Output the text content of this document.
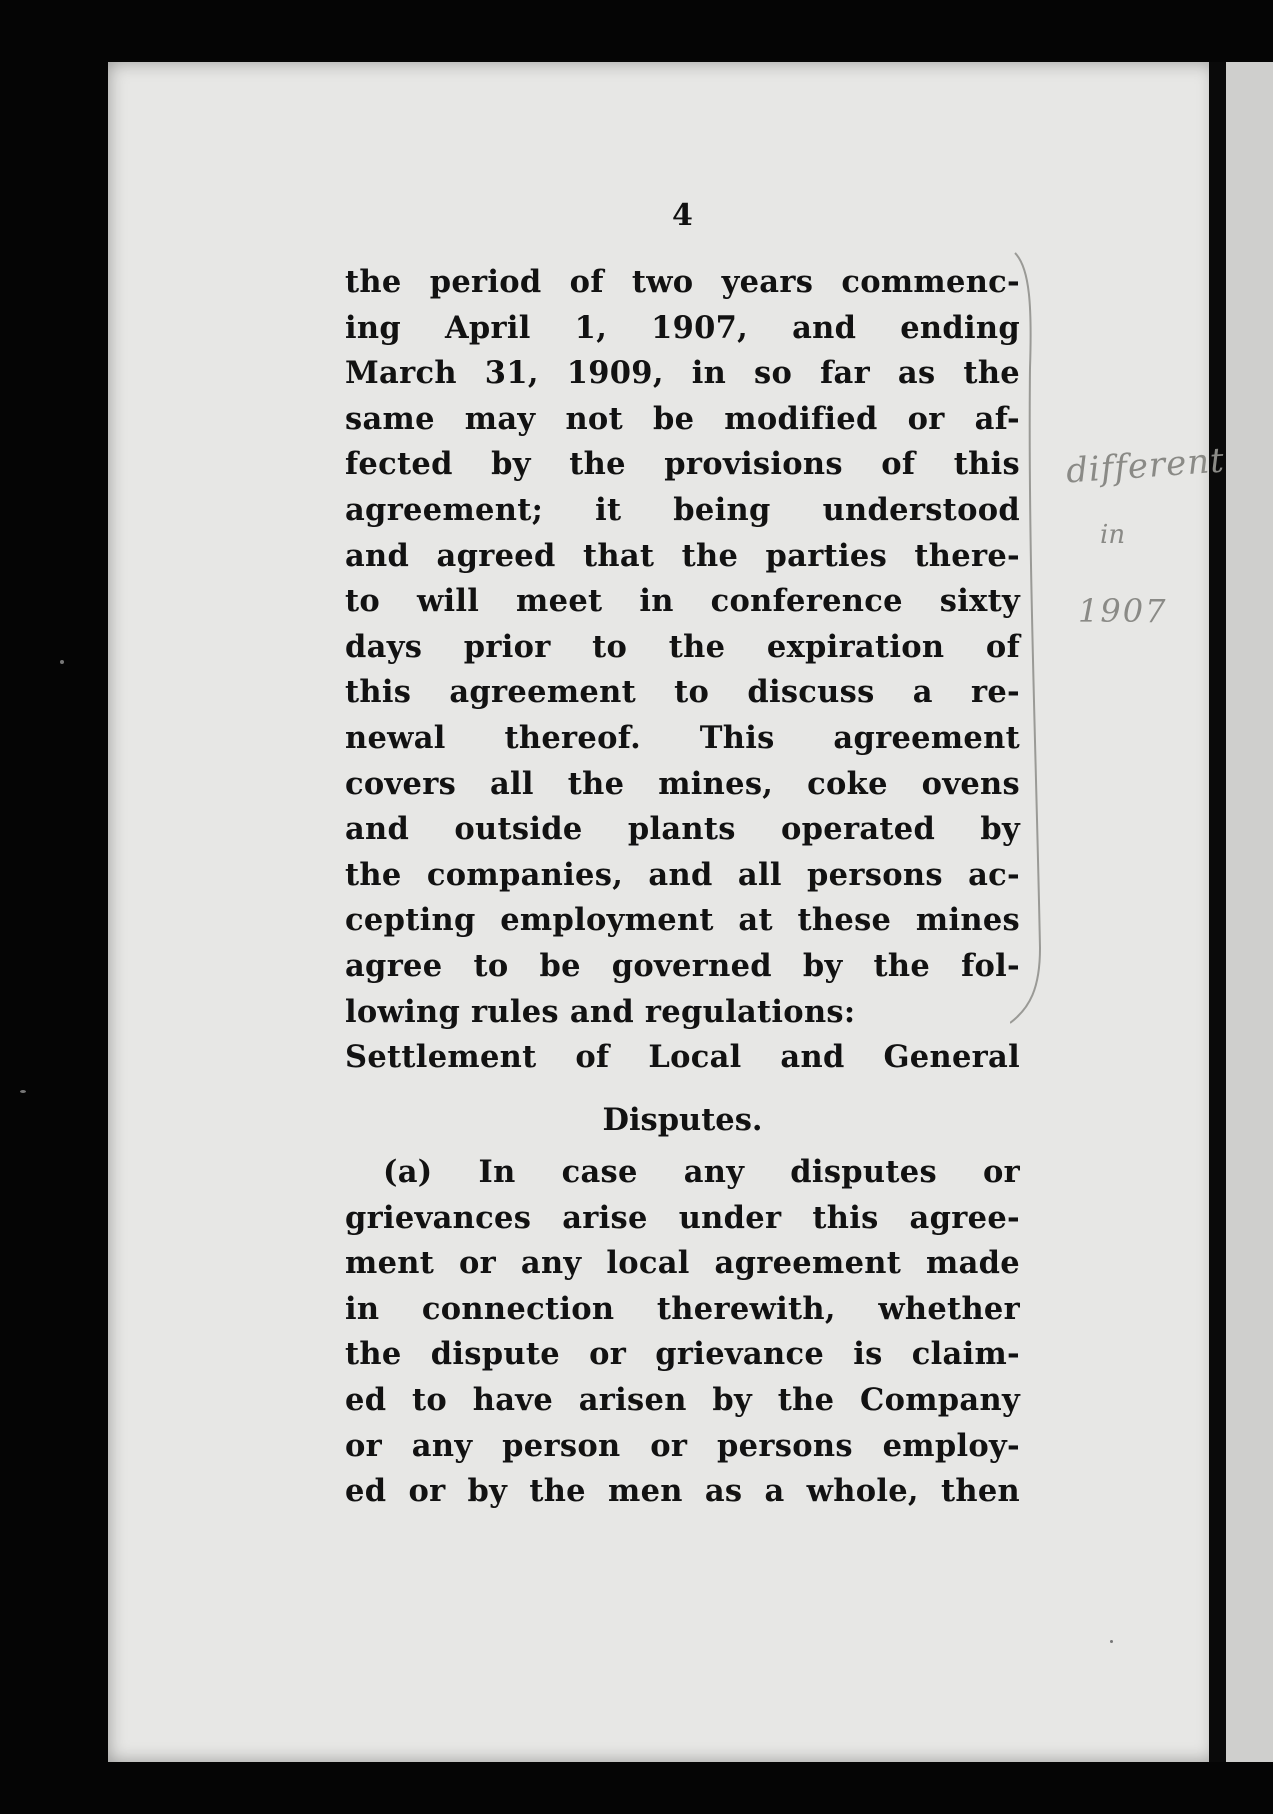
4
the period of two years commenc-
ing April 1, 1907, and ending
March 31, 1909, in so far as the
same may not be modified or af-
fected by the provisions of this
agreement; it being understood
and agreed that the parties there-
to will meet in conference sixty
days prior to the expiration of
this agreement to discuss a re-
newal thereof. This agreement
covers all the mines, coke ovens
and outside plants operated by
the companies, and all persons ac-
cepting employment at these mines
agree to be governed by the fol-
lowing rules and regulations:
Settlement of Local and General
Disputes.
(a) In case any disputes or
grievances arise under this agree-
ment or any local agreement made
in connection therewith, whether
the dispute or grievance is claim-
ed to have arisen by the Company
or any person or persons employ-
ed or by the men as a whole, then
different
in
1907
